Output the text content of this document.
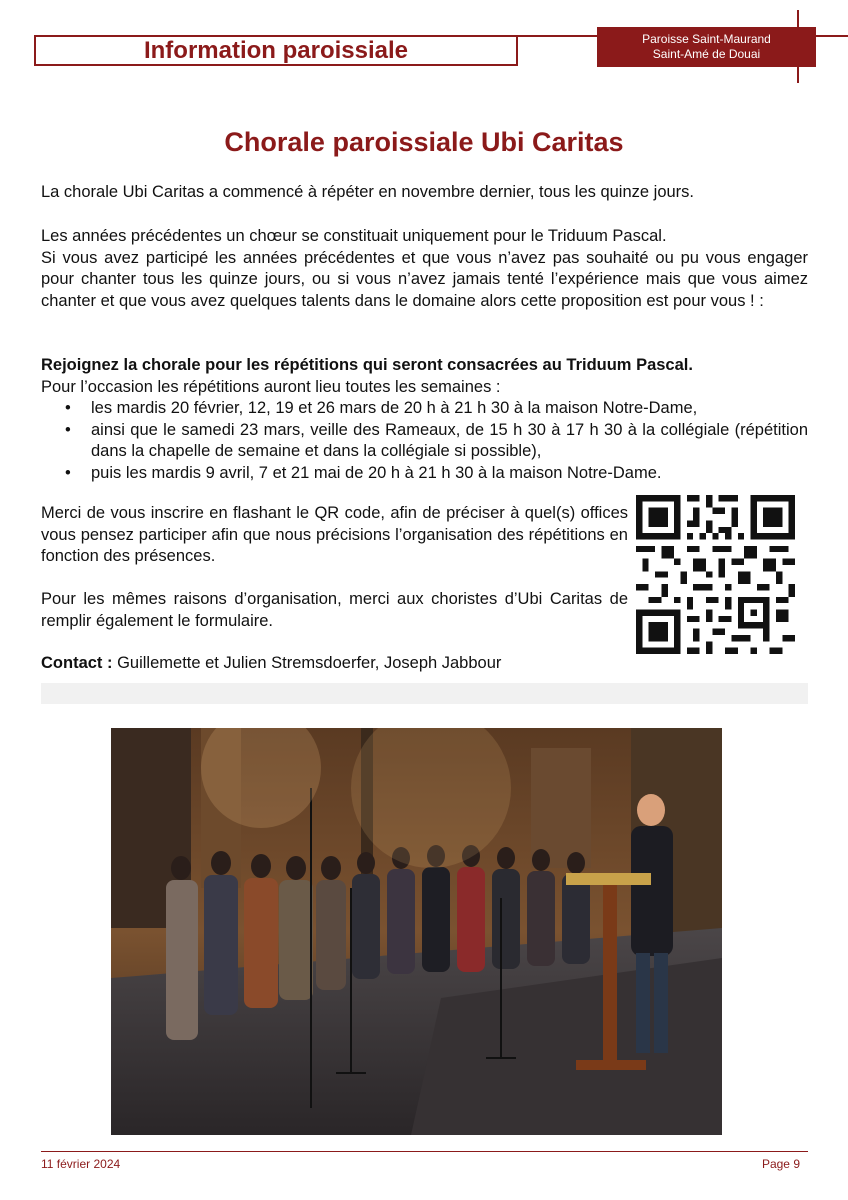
Information paroissiale	Paroisse Saint-Maurand
Saint-Amé de Douai
Chorale paroissiale Ubi Caritas

La chorale Ubi Caritas a commencé à répéter en novembre dernier, tous les quinze jours.

Les années précédentes un chœur se constituait uniquement pour le Triduum Pascal.

Si vous avez participé les années précédentes et que vous n’avez pas souhaité ou pu vous engager pour chanter tous les quinze jours, ou si vous n’avez jamais tenté l’expérience mais que vous aimez chanter et que vous avez quelques talents dans le domaine alors cette proposition est pour vous ! :

Rejoignez la chorale pour les répétitions qui seront consacrées au Triduum Pascal.

Pour l’occasion les répétitions auront lieu toutes les semaines :

• les mardis 20 février, 12, 19 et 26 mars de 20 h à 21 h 30 à la maison Notre-Dame,
• ainsi que le samedi 23 mars, veille des Rameaux, de 15 h 30 à 17 h 30 à la collégiale (répétition dans la chapelle de semaine et dans la collégiale si possible),
• puis les mardis 9 avril, 7 et 21 mai de 20 h à 21 h 30 à la maison Notre-Dame.

Merci de vous inscrire en flashant le QR code, afin de préciser à quel(s) offices vous pensez participer afin que nous précisions l’organisation des répétitions en fonction des présences.

Pour les mêmes raisons d’organisation, merci aux choristes d’Ubi Caritas de remplir également le formulaire.

Contact : Guillemette et Julien Stremsdoerfer, Joseph Jabbour

11 février 2024	Page 9
